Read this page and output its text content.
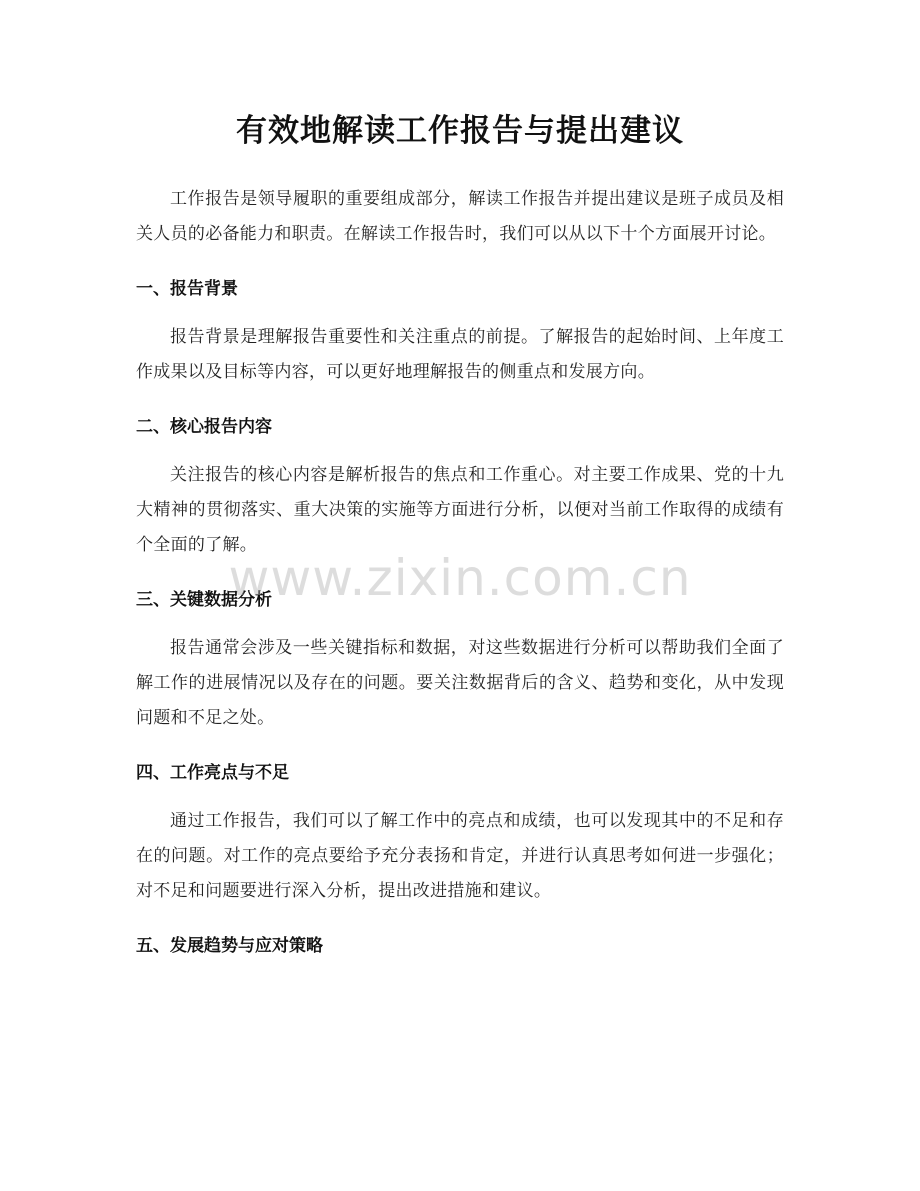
有效地解读工作报告与提出建议

工作报告是领导履职的重要组成部分，解读工作报告并提出建议是班子成员及相关人员的必备能力和职责。在解读工作报告时，我们可以从以下十个方面展开讨论。

一、报告背景

报告背景是理解报告重要性和关注重点的前提。了解报告的起始时间、上年度工作成果以及目标等内容，可以更好地理解报告的侧重点和发展方向。

二、核心报告内容

关注报告的核心内容是解析报告的焦点和工作重心。对主要工作成果、党的十九大精神的贯彻落实、重大决策的实施等方面进行分析，以便对当前工作取得的成绩有个全面的了解。

三、关键数据分析

报告通常会涉及一些关键指标和数据，对这些数据进行分析可以帮助我们全面了解工作的进展情况以及存在的问题。要关注数据背后的含义、趋势和变化，从中发现问题和不足之处。

四、工作亮点与不足

通过工作报告，我们可以了解工作中的亮点和成绩，也可以发现其中的不足和存在的问题。对工作的亮点要给予充分表扬和肯定，并进行认真思考如何进一步强化；对不足和问题要进行深入分析，提出改进措施和建议。

五、发展趋势与应对策略
www.zixin.com.cn
